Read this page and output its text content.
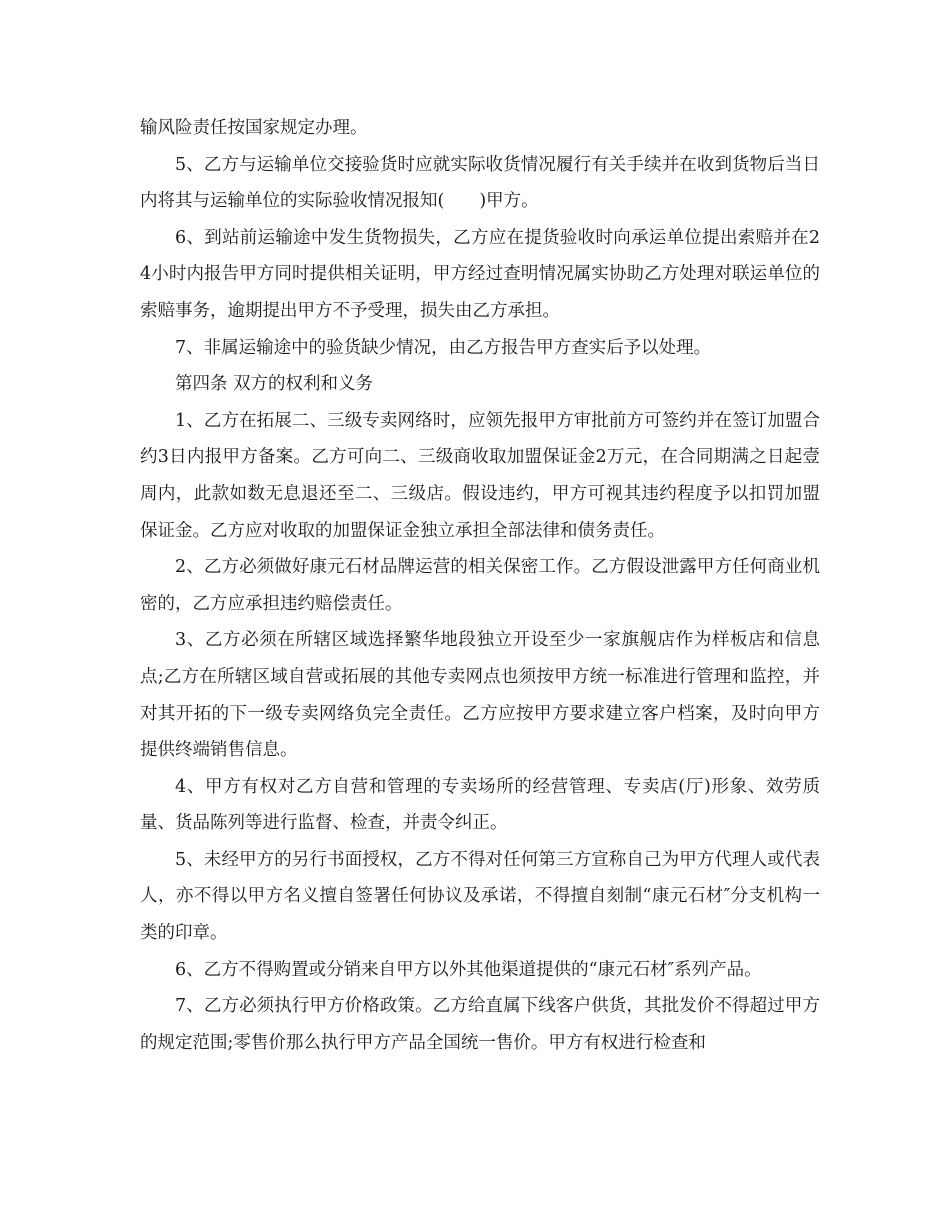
输风险责任按国家规定办理。

5、乙方与运输单位交接验货时应就实际收货情况履行有关手续并在收到货物后当日内将其与运输单位的实际验收情况报知(　　)甲方。

6、到站前运输途中发生货物损失，乙方应在提货验收时向承运单位提出索赔并在24小时内报告甲方同时提供相关证明，甲方经过查明情况属实协助乙方处理对联运单位的索赔事务，逾期提出甲方不予受理，损失由乙方承担。

7、非属运输途中的验货缺少情况，由乙方报告甲方查实后予以处理。

第四条 双方的权利和义务

1、乙方在拓展二、三级专卖网络时，应领先报甲方审批前方可签约并在签订加盟合约3日内报甲方备案。乙方可向二、三级商收取加盟保证金2万元，在合同期满之日起壹周内，此款如数无息退还至二、三级店。假设违约，甲方可视其违约程度予以扣罚加盟保证金。乙方应对收取的加盟保证金独立承担全部法律和债务责任。

2、乙方必须做好康元石材品牌运营的相关保密工作。乙方假设泄露甲方任何商业机密的，乙方应承担违约赔偿责任。

3、乙方必须在所辖区域选择繁华地段独立开设至少一家旗舰店作为样板店和信息点;乙方在所辖区域自营或拓展的其他专卖网点也须按甲方统一标准进行管理和监控，并对其开拓的下一级专卖网络负完全责任。乙方应按甲方要求建立客户档案，及时向甲方提供终端销售信息。

4、甲方有权对乙方自营和管理的专卖场所的经营管理、专卖店(厅)形象、效劳质量、货品陈列等进行监督、检查，并责令纠正。

5、未经甲方的另行书面授权，乙方不得对任何第三方宣称自己为甲方代理人或代表人，亦不得以甲方名义擅自签署任何协议及承诺，不得擅自刻制“康元石材″分支机构一类的印章。

6、乙方不得购置或分销来自甲方以外其他渠道提供的“康元石材″系列产品。

7、乙方必须执行甲方价格政策。乙方给直属下线客户供货，其批发价不得超过甲方的规定范围;零售价那么执行甲方产品全国统一售价。甲方有权进行检查和
